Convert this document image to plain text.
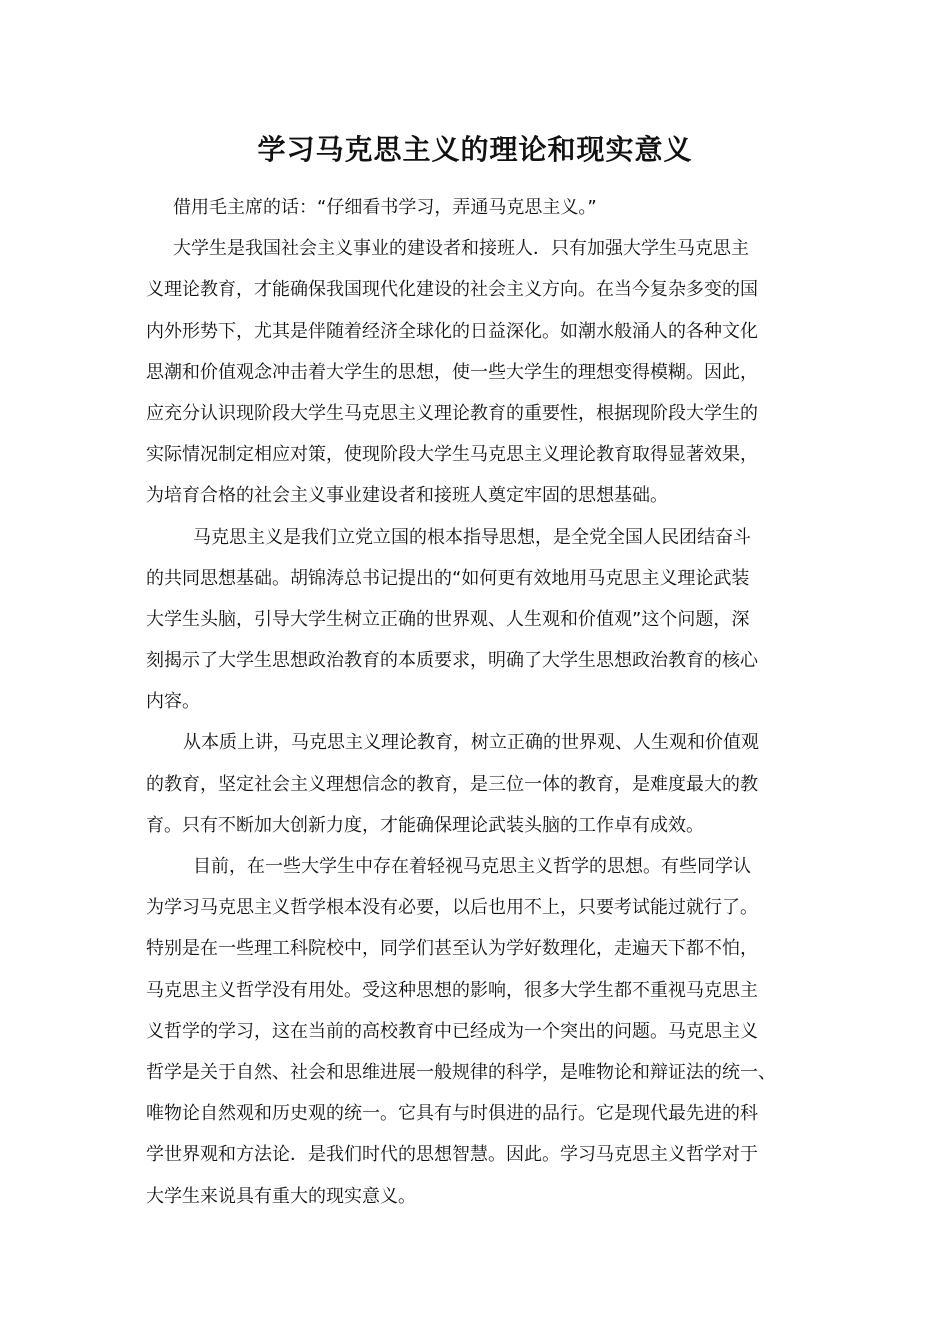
学习马克思主义的理论和现实意义
借用毛主席的话：“仔细看书学习，弄通马克思主义。”
大学生是我国社会主义事业的建设者和接班人．只有加强大学生马克思主
义理论教育，才能确保我国现代化建设的社会主义方向。在当今复杂多变的国
内外形势下，尤其是伴随着经济全球化的日益深化。如潮水般涌人的各种文化
思潮和价值观念冲击着大学生的思想，使一些大学生的理想变得模糊。因此，
应充分认识现阶段大学生马克思主义理论教育的重要性，根据现阶段大学生的
实际情况制定相应对策，使现阶段大学生马克思主义理论教育取得显著效果，
为培育合格的社会主义事业建设者和接班人奠定牢固的思想基础。
马克思主义是我们立党立国的根本指导思想，是全党全国人民团结奋斗
的共同思想基础。胡锦涛总书记提出的“如何更有效地用马克思主义理论武装
大学生头脑，引导大学生树立正确的世界观、人生观和价值观”这个问题，深
刻揭示了大学生思想政治教育的本质要求，明确了大学生思想政治教育的核心
内容。
从本质上讲，马克思主义理论教育，树立正确的世界观、人生观和价值观
的教育，坚定社会主义理想信念的教育，是三位一体的教育，是难度最大的教
育。只有不断加大创新力度，才能确保理论武装头脑的工作卓有成效。
目前，在一些大学生中存在着轻视马克思主义哲学的思想。有些同学认
为学习马克思主义哲学根本没有必要，以后也用不上，只要考试能过就行了。
特别是在一些理工科院校中，同学们甚至认为学好数理化，走遍天下都不怕，
马克思主义哲学没有用处。受这种思想的影响，很多大学生都不重视马克思主
义哲学的学习，这在当前的高校教育中已经成为一个突出的问题。马克思主义
哲学是关于自然、社会和思维进展一般规律的科学，是唯物论和辩证法的统一、
唯物论自然观和历史观的统一。它具有与时俱进的品行。它是现代最先进的科
学世界观和方法论．是我们时代的思想智慧。因此。学习马克思主义哲学对于
大学生来说具有重大的现实意义。
